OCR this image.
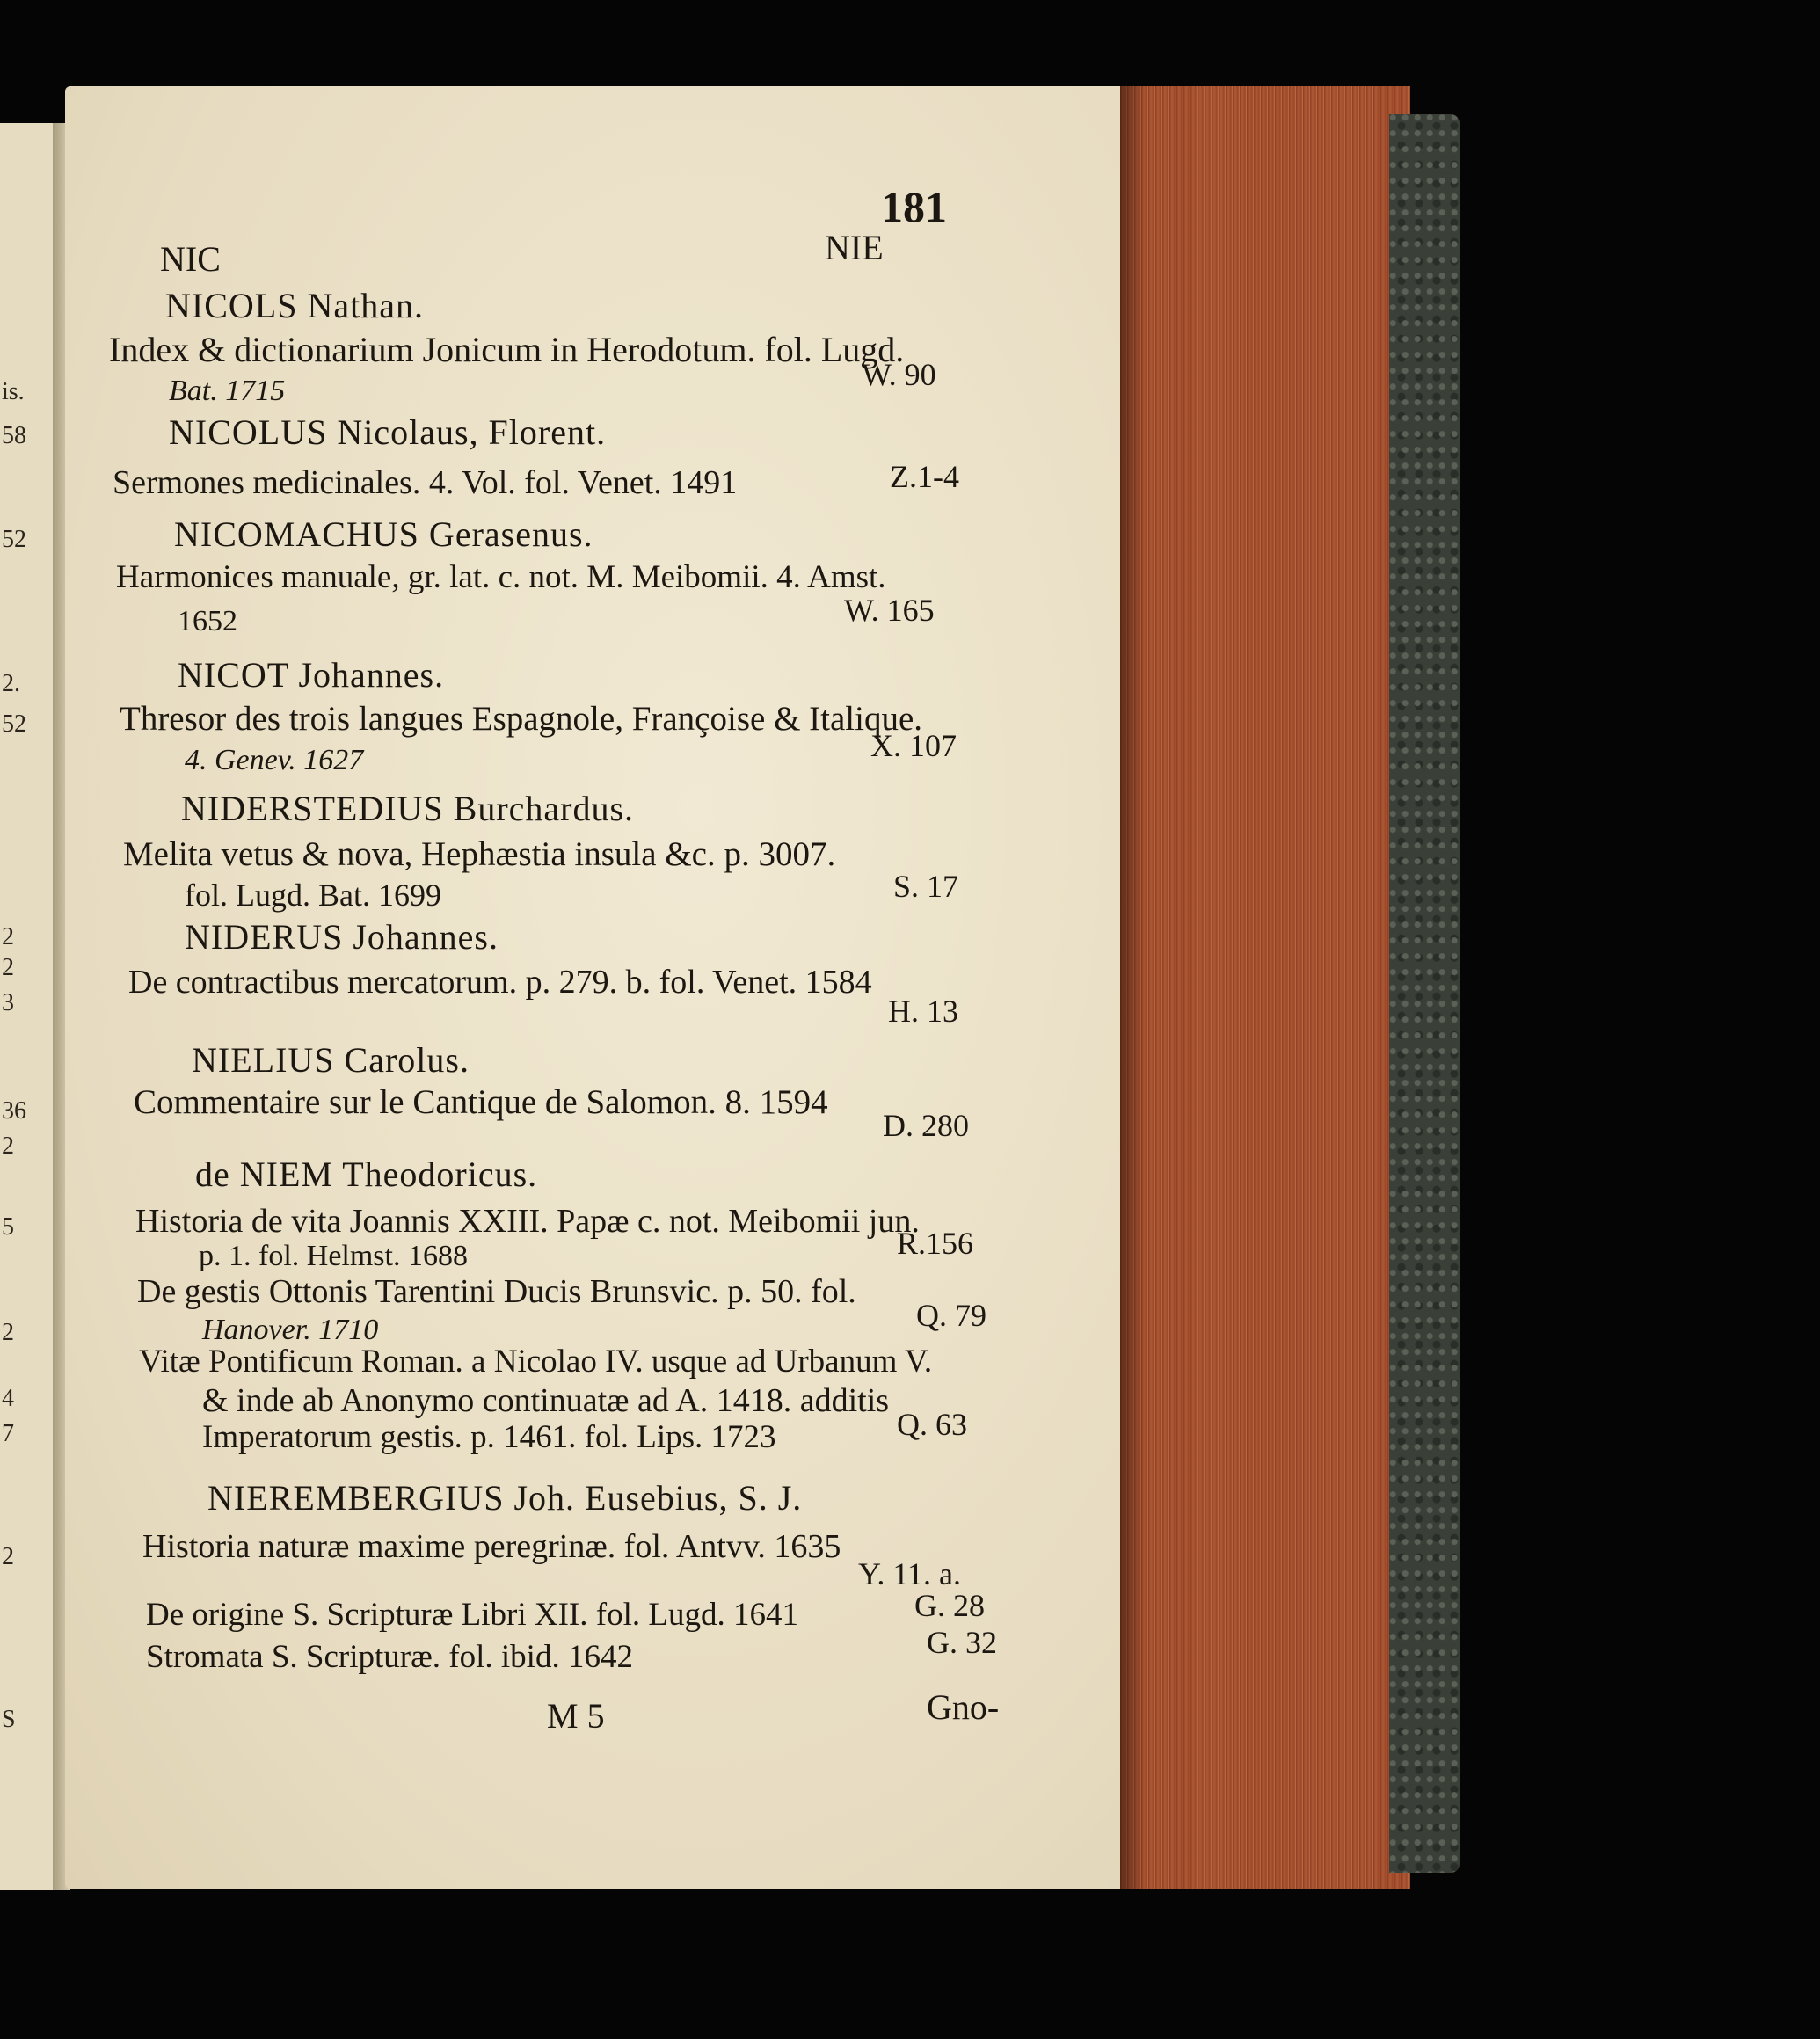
is.
58
52
2.
52
2
2
3
36
2
5
2
4
7
2
S
181
NIC	NIE
NICOLS Nathan.
Index & dictionarium Jonicum in Herodotum. fol. Lugd.
Bat. 1715	W. 90
NICOLUS Nicolaus, Florent.
Sermones medicinales. 4. Vol. fol. Venet. 1491	Z.1-4
NICOMACHUS Gerasenus.
Harmonices manuale, gr. lat. c. not. M. Meibomii. 4. Amst.
1652	W. 165
NICOT Johannes.
Thresor des trois langues Espagnole, Françoise & Italique.
4. Genev. 1627	X. 107
NIDERSTEDIUS Burchardus.
Melita vetus & nova, Hephæstia insula &c. p. 3007.
fol. Lugd. Bat. 1699	S. 17
NIDERUS Johannes.
De contractibus mercatorum. p. 279. b. fol. Venet. 1584
H. 13
NIELIUS Carolus.
Commentaire sur le Cantique de Salomon. 8. 1594
D. 280
de NIEM Theodoricus.
Historia de vita Joannis XXIII. Papæ c. not. Meibomii jun.
p. 1. fol. Helmst. 1688	R.156
De gestis Ottonis Tarentini Ducis Brunsvic. p. 50. fol.
Hanover. 1710	Q. 79
Vitæ Pontificum Roman. a Nicolao IV. usque ad Urbanum V.
& inde ab Anonymo continuatæ ad A. 1418. additis
Imperatorum gestis. p. 1461. fol. Lips. 1723	Q. 63
NIEREMBERGIUS Joh. Eusebius, S. J.
Historia naturæ maxime peregrinæ. fol. Antvv. 1635
Y. 11. a.
De origine S. Scripturæ Libri XII. fol. Lugd. 1641	G. 28
Stromata S. Scripturæ. fol. ibid. 1642	G. 32
M 5	Gno-
